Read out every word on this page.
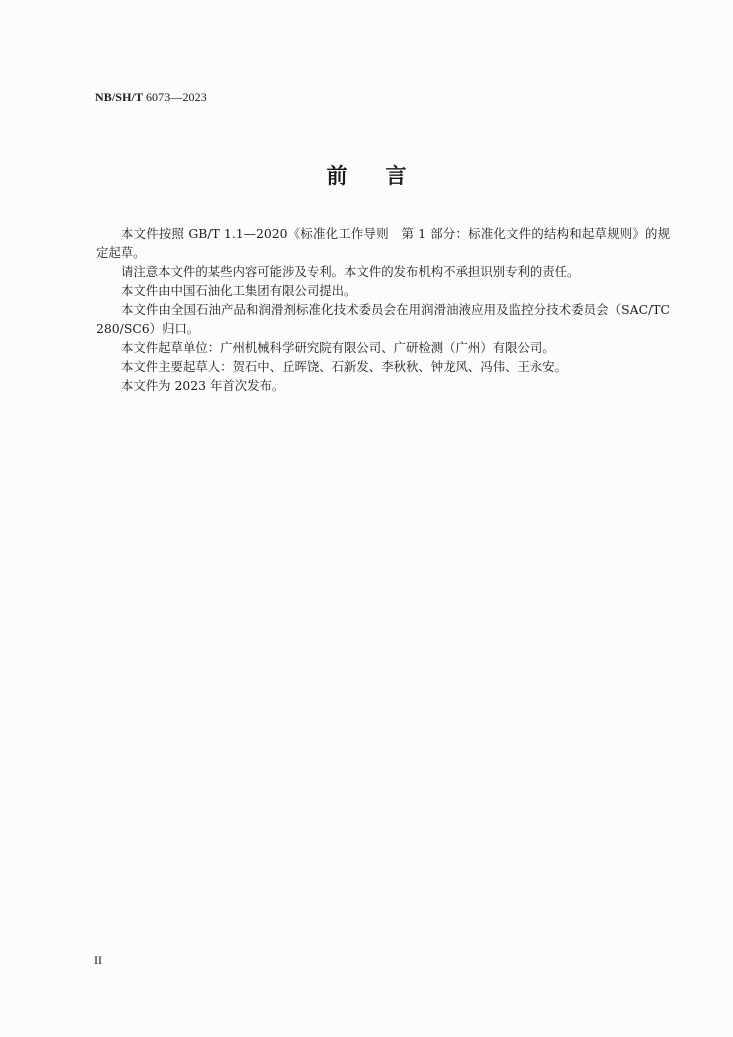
NB/SH/T 6073—2023
前言

本文件按照 GB/T 1.1—2020《标准化工作导则　第 1 部分：标准化文件的结构和起草规则》的规定起草。

请注意本文件的某些内容可能涉及专利。本文件的发布机构不承担识别专利的责任。

本文件由中国石油化工集团有限公司提出。

本文件由全国石油产品和润滑剂标准化技术委员会在用润滑油液应用及监控分技术委员会（SAC/TC 280/SC6）归口。

本文件起草单位：广州机械科学研究院有限公司、广研检测（广州）有限公司。

本文件主要起草人：贺石中、丘晖饶、石新发、李秋秋、钟龙风、冯伟、王永安。

本文件为 2023 年首次发布。

II
